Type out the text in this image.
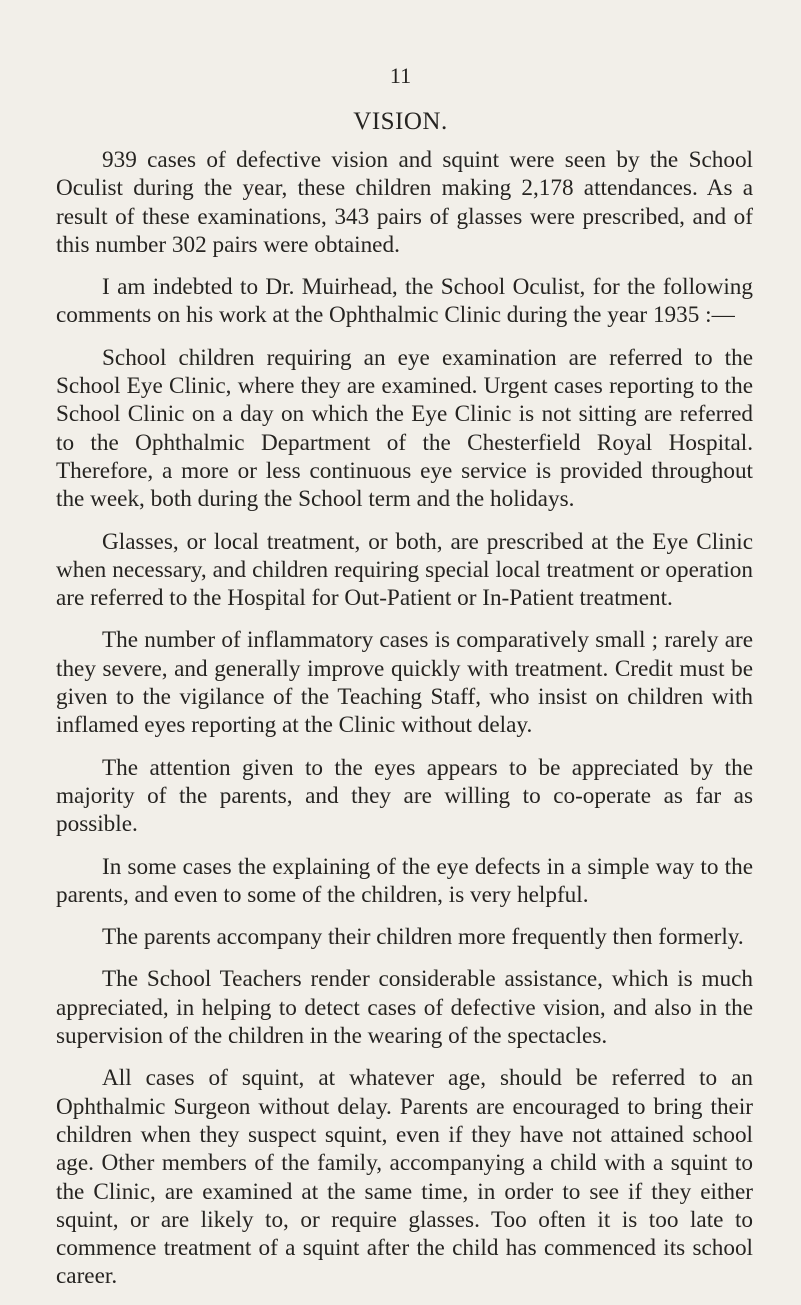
11
VISION.

939 cases of defective vision and squint were seen by the School Oculist during the year, these children making 2,178 attendances. As a result of these examinations, 343 pairs of glasses were prescribed, and of this number 302 pairs were obtained.

I am indebted to Dr. Muirhead, the School Oculist, for the following comments on his work at the Ophthalmic Clinic during the year 1935 :—

School children requiring an eye examination are referred to the School Eye Clinic, where they are examined. Urgent cases reporting to the School Clinic on a day on which the Eye Clinic is not sitting are referred to the Ophthalmic Department of the Chesterfield Royal Hospital. Therefore, a more or less continuous eye service is provided throughout the week, both during the School term and the holidays.

Glasses, or local treatment, or both, are prescribed at the Eye Clinic when necessary, and children requiring special local treatment or operation are referred to the Hospital for Out-Patient or In-Patient treatment.

The number of inflammatory cases is comparatively small ; rarely are they severe, and generally improve quickly with treatment. Credit must be given to the vigilance of the Teaching Staff, who insist on children with inflamed eyes reporting at the Clinic without delay.

The attention given to the eyes appears to be appreciated by the majority of the parents, and they are willing to co-operate as far as possible.

In some cases the explaining of the eye defects in a simple way to the parents, and even to some of the children, is very helpful.

The parents accompany their children more frequently then formerly.

The School Teachers render considerable assistance, which is much appreciated, in helping to detect cases of defective vision, and also in the supervision of the children in the wearing of the spectacles.

All cases of squint, at whatever age, should be referred to an Ophthalmic Surgeon without delay. Parents are encouraged to bring their children when they suspect squint, even if they have not attained school age. Other members of the family, accompanying a child with a squint to the Clinic, are examined at the same time, in order to see if they either squint, or are likely to, or require glasses. Too often it is too late to commence treatment of a squint after the child has commenced its school career.
